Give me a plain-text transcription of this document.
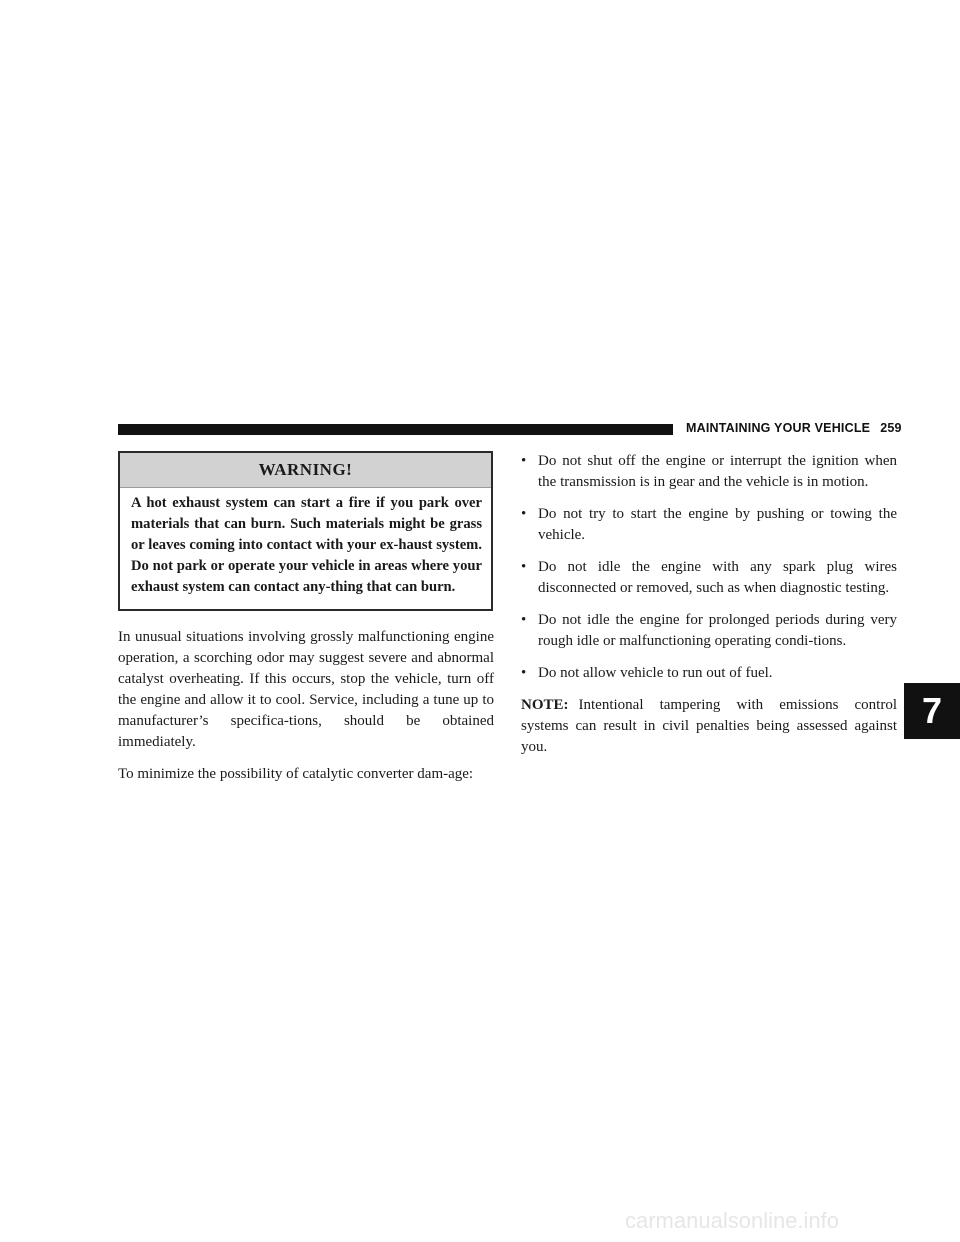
MAINTAINING YOUR VEHICLE 259
WARNING!
A hot exhaust system can start a fire if you park over materials that can burn. Such materials might be grass or leaves coming into contact with your ex-haust system. Do not park or operate your vehicle in areas where your exhaust system can contact any-thing that can burn.

In unusual situations involving grossly malfunctioning engine operation, a scorching odor may suggest severe and abnormal catalyst overheating. If this occurs, stop the vehicle, turn off the engine and allow it to cool. Service, including a tune up to manufacturer’s specifica-tions, should be obtained immediately.

To minimize the possibility of catalytic converter dam-age:

• Do not shut off the engine or interrupt the ignition when the transmission is in gear and the vehicle is in motion.
• Do not try to start the engine by pushing or towing the vehicle.
• Do not idle the engine with any spark plug wires disconnected or removed, such as when diagnostic testing.
• Do not idle the engine for prolonged periods during very rough idle or malfunctioning operating condi-tions.
• Do not allow vehicle to run out of fuel.

NOTE: Intentional tampering with emissions control systems can result in civil penalties being assessed against you.

7
carmanualsonline.info
